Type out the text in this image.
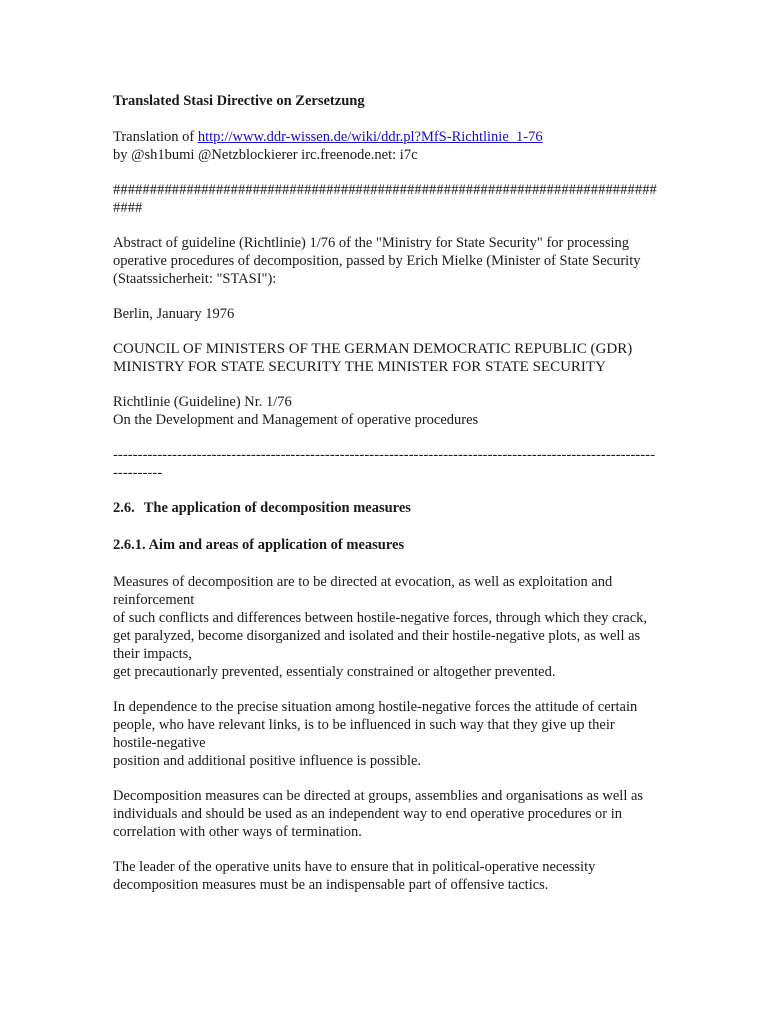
Translated Stasi Directive on Zersetzung

Translation of http://www.ddr-wissen.de/wiki/ddr.pl?MfS-Richtlinie_1-76
by @sh1bumi @Netzblockierer irc.freenode.net: i7c

##############################################################################

Abstract of guideline (Richtlinie) 1/76 of the "Ministry for State Security" for processing operative procedures of decomposition, passed by Erich Mielke (Minister of State Security (Staatssicherheit: "STASI"):

Berlin, January 1976

COUNCIL OF MINISTERS OF THE GERMAN DEMOCRATIC REPUBLIC (GDR)
MINISTRY FOR STATE SECURITY THE MINISTER FOR STATE SECURITY
Richtlinie (Guideline) Nr. 1/76
On the Development and Management of operative procedures

------------------------------------------------------------------------------------------------------------------------

2.6. The application of decomposition measures

2.6.1. Aim and areas of application of measures

Measures of decomposition are to be directed at evocation, as well as exploitation and reinforcement
of such conflicts and differences between hostile-negative forces, through which they crack, get paralyzed, become disorganized and isolated and their hostile-negative plots, as well as their impacts,
get precautionarly prevented, essentialy constrained or altogether prevented.
In dependence to the precise situation among hostile-negative forces the attitude of certain people, who have relevant links, is to be influenced in such way that they give up their hostile-negative
position and additional positive influence is possible.

Decomposition measures can be directed at groups, assemblies and organisations as well as individuals and should be used as an independent way to end operative procedures or in correlation with other ways of termination.

The leader of the operative units have to ensure that in political-operative necessity decomposition measures must be an indispensable part of offensive tactics.
